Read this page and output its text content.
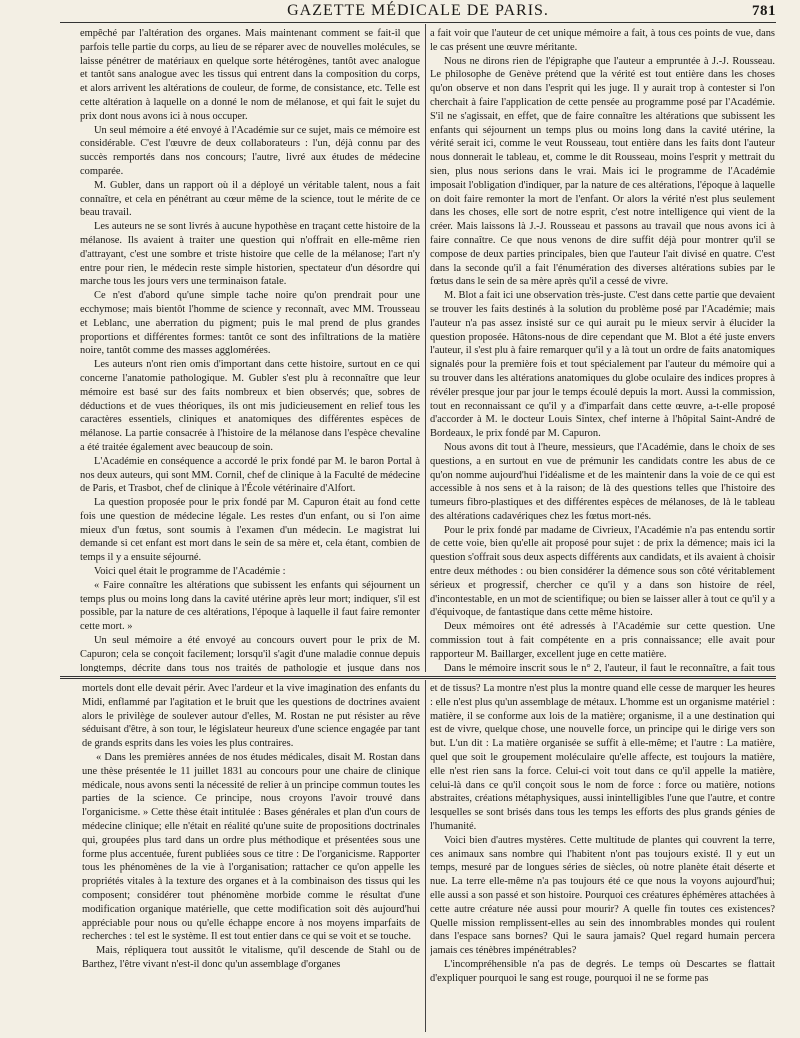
GAZETTE MÉDICALE DE PARIS.	781

empêché par l'altération des organes. Mais maintenant comment se fait-il que parfois telle partie du corps, au lieu de se réparer avec de nouvelles molécules, se laisse pénétrer de matériaux en quelque sorte hétérogènes, tantôt avec analogue et tantôt sans analogue avec les tissus qui entrent dans la composition du corps, et alors arrivent les altérations de couleur, de forme, de consistance, etc. Telle est cette altération à laquelle on a donné le nom de mélanose, et qui fait le sujet du prix dont nous avons ici à nous occuper.

Un seul mémoire a été envoyé à l'Académie sur ce sujet, mais ce mémoire est considérable. C'est l'œuvre de deux collaborateurs : l'un, déjà connu par des succès remportés dans nos concours; l'autre, livré aux études de médecine comparée.

M. Gubler, dans un rapport où il a déployé un véritable talent, nous a fait connaître, et cela en pénétrant au cœur même de la science, tout le mérite de ce beau travail.

Les auteurs ne se sont livrés à aucune hypothèse en traçant cette histoire de la mélanose. Ils avaient à traiter une question qui n'offrait en elle-même rien d'attrayant, c'est une sombre et triste histoire que celle de la mélanose; l'art n'y entre pour rien, le médecin reste simple historien, spectateur d'un désordre qui marche tous les jours vers une terminaison fatale.

Ce n'est d'abord qu'une simple tache noire qu'on prendrait pour une ecchymose; mais bientôt l'homme de science y reconnaît, avec MM. Trousseau et Leblanc, une aberration du pigment; puis le mal prend de plus grandes proportions et différentes formes: tantôt ce sont des infiltrations de la matière noire, tantôt comme des masses agglomérées.

Les auteurs n'ont rien omis d'important dans cette histoire, surtout en ce qui concerne l'anatomie pathologique. M. Gubler s'est plu à reconnaître que leur mémoire est basé sur des faits nombreux et bien observés; que, sobres de déductions et de vues théoriques, ils ont mis judicieusement en relief tous les caractères essentiels, cliniques et anatomiques des différentes espèces de mélanose. La partie consacrée à l'histoire de la mélanose dans l'espèce chevaline a été traitée également avec beaucoup de soin.

L'Académie en conséquence a accordé le prix fondé par M. le baron Portal à nos deux auteurs, qui sont MM. Cornil, chef de clinique à la Faculté de médecine de Paris, et Trasbot, chef de clinique à l'École vétérinaire d'Alfort.

La question proposée pour le prix fondé par M. Capuron était au fond cette fois une question de médecine légale. Les restes d'un enfant, ou si l'on aime mieux d'un fœtus, sont soumis à l'examen d'un médecin. Le magistrat lui demande si cet enfant est mort dans le sein de sa mère et, cela étant, combien de temps il y a ensuite séjourné.

Voici quel était le programme de l'Académie :

« Faire connaître les altérations que subissent les enfants qui séjournent un temps plus ou moins long dans la cavité utérine après leur mort; indiquer, s'il est possible, par la nature de ces altérations, l'époque à laquelle il faut faire remonter cette mort. »

Un seul mémoire a été envoyé au concours ouvert pour le prix de M. Capuron; cela se conçoit facilement; lorsqu'il s'agit d'une maladie connue depuis longtemps, décrite dans tous nos traités de pathologie et jusque dans nos

a fait voir que l'auteur de cet unique mémoire a fait, à tous ces points de vue, dans le cas présent une œuvre méritante.

Nous ne dirons rien de l'épigraphe que l'auteur a empruntée à J.-J. Rousseau. Le philosophe de Genève prétend que la vérité est tout entière dans les choses qu'on observe et non dans l'esprit qui les juge. Il y aurait trop à contester si l'on cherchait à faire l'application de cette pensée au programme posé par l'Académie. S'il ne s'agissait, en effet, que de faire connaître les altérations que subissent les enfants qui séjournent un temps plus ou moins long dans la cavité utérine, la vérité serait ici, comme le veut Rousseau, tout entière dans les faits dont l'auteur nous donnerait le tableau, et, comme le dit Rousseau, moins l'esprit y mettrait du sien, plus nous serions dans le vrai. Mais ici le programme de l'Académie imposait l'obligation d'indiquer, par la nature de ces altérations, l'époque à laquelle on doit faire remonter la mort de l'enfant. Or alors la vérité n'est plus seulement dans les choses, elle sort de notre esprit, c'est notre intelligence qui vient de la créer. Mais laissons là J.-J. Rousseau et passons au travail que nous avons ici à faire connaître. Ce que nous venons de dire suffit déjà pour montrer qu'il se compose de deux parties principales, bien que l'auteur l'ait divisé en quatre. C'est dans la seconde qu'il a fait l'énumération des diverses altérations subies par le fœtus dans le sein de sa mère après qu'il a cessé de vivre.

M. Blot a fait ici une observation très-juste. C'est dans cette partie que devaient se trouver les faits destinés à la solution du problème posé par l'Académie; mais l'auteur n'a pas assez insisté sur ce qui aurait pu le mieux servir à élucider la question proposée. Hâtons-nous de dire cependant que M. Blot a été juste envers l'auteur, il s'est plu à faire remarquer qu'il y a là tout un ordre de faits anatomiques signalés pour la première fois et tout spécialement par l'auteur du mémoire qui a su trouver dans les altérations anatomiques du globe oculaire des indices propres à révéler presque jour par jour le temps écoulé depuis la mort. Aussi la commission, tout en reconnaissant ce qu'il y a d'imparfait dans cette œuvre, a-t-elle proposé d'accorder à M. le docteur Louis Sintex, chef interne à l'hôpital Saint-André de Bordeaux, le prix fondé par M. Capuron.

Nous avons dit tout à l'heure, messieurs, que l'Académie, dans le choix de ses questions, a en surtout en vue de prémunir les candidats contre les abus de ce qu'on nomme aujourd'hui l'idéalisme et de les maintenir dans la voie de ce qui est accessible à nos sens et à la raison; de là des questions telles que l'histoire des tumeurs fibro-plastiques et des différentes espèces de mélanoses, de là le tableau des altérations cadavériques chez les fœtus mort-nés.

Pour le prix fondé par madame de Civrieux, l'Académie n'a pas entendu sortir de cette voie, bien qu'elle ait proposé pour sujet : de prix la démence; mais ici la question s'offrait sous deux aspects différents aux candidats, et ils avaient à choisir entre deux méthodes : ou bien considérer la démence sous son côté véritablement sérieux et progressif, chercher ce qu'il y a dans son histoire de réel, d'incontestable, en un mot de scientifique; ou bien se laisser aller à tout ce qu'il y a d'équivoque, de fantastique dans cette même histoire.

Deux mémoires ont été adressés à l'Académie sur cette question. Une commission tout à fait compétente en a pris connaissance; elle avait pour rapporteur M. Baillarger, excellent juge en cette matière.

Dans le mémoire inscrit sous le n° 2, l'auteur, il faut le reconnaître, a fait tous

mortels dont elle devait périr. Avec l'ardeur et la vive imagination des enfants du Midi, enflammé par l'agitation et le bruit que les questions de doctrines avaient alors le privilège de soulever autour d'elles, M. Rostan ne put résister au rêve séduisant d'être, à son tour, le législateur heureux d'une science engagée par tant de grands esprits dans les voies les plus contraires.

« Dans les premières années de nos études médicales, disait M. Rostan dans une thèse présentée le 11 juillet 1831 au concours pour une chaire de clinique médicale, nous avons senti la nécessité de relier à un principe commun toutes les parties de la science. Ce principe, nous croyons l'avoir trouvé dans l'organicisme. » Cette thèse était intitulée : Bases générales et plan d'un cours de médecine clinique; elle n'était en réalité qu'une suite de propositions doctrinales qui, groupées plus tard dans un ordre plus méthodique et présentées sous une forme plus accentuée, furent publiées sous ce titre : De l'organicisme. Rapporter tous les phénomènes de la vie à l'organisation; rattacher ce qu'on appelle les propriétés vitales à la texture des organes et à la combinaison des tissus qui les composent; considérer tout phénomène morbide comme le résultat d'une modification organique matérielle, que cette modification soit dès aujourd'hui appréciable pour nous ou qu'elle échappe encore à nos moyens imparfaits de recherches : tel est le système. Il est tout entier dans ce qui se voit et se touche.

Mais, répliquera tout aussitôt le vitalisme, qu'il descende de Stahl ou de Barthez, l'être vivant n'est-il donc qu'un assemblage d'organes

et de tissus? La montre n'est plus la montre quand elle cesse de marquer les heures : elle n'est plus qu'un assemblage de métaux. L'homme est un organisme matériel : matière, il se conforme aux lois de la matière; organisme, il a une destination qui est de vivre, quelque chose, une nouvelle force, un principe qui le dirige vers son but. L'un dit : La matière organisée se suffit à elle-même; et l'autre : La matière, quel que soit le groupement moléculaire qu'elle affecte, est toujours la matière, elle n'est rien sans la force. Celui-ci voit tout dans ce qu'il appelle la matière, celui-là dans ce qu'il conçoit sous le nom de force : force ou matière, notions abstraites, créations métaphysiques, aussi inintelligibles l'une que l'autre, et contre lesquelles se sont brisés dans tous les temps les efforts des plus grands génies de l'humanité.

Voici bien d'autres mystères. Cette multitude de plantes qui couvrent la terre, ces animaux sans nombre qui l'habitent n'ont pas toujours existé. Il y eut un temps, mesuré par de longues séries de siècles, où notre planète était déserte et nue. La terre elle-même n'a pas toujours été ce que nous la voyons aujourd'hui; elle aussi a son passé et son histoire. Pourquoi ces créatures éphémères attachées à cette autre créature née aussi pour mourir? A quelle fin toutes ces existences? Quelle mission remplissent-elles au sein des innombrables mondes qui roulent dans l'espace sans bornes? Qui le saura jamais? Quel regard humain percera jamais ces ténèbres impénétrables?

L'incompréhensible n'a pas de degrés. Le temps où Descartes se flattait d'expliquer pourquoi le sang est rouge, pourquoi il ne se forme pas
